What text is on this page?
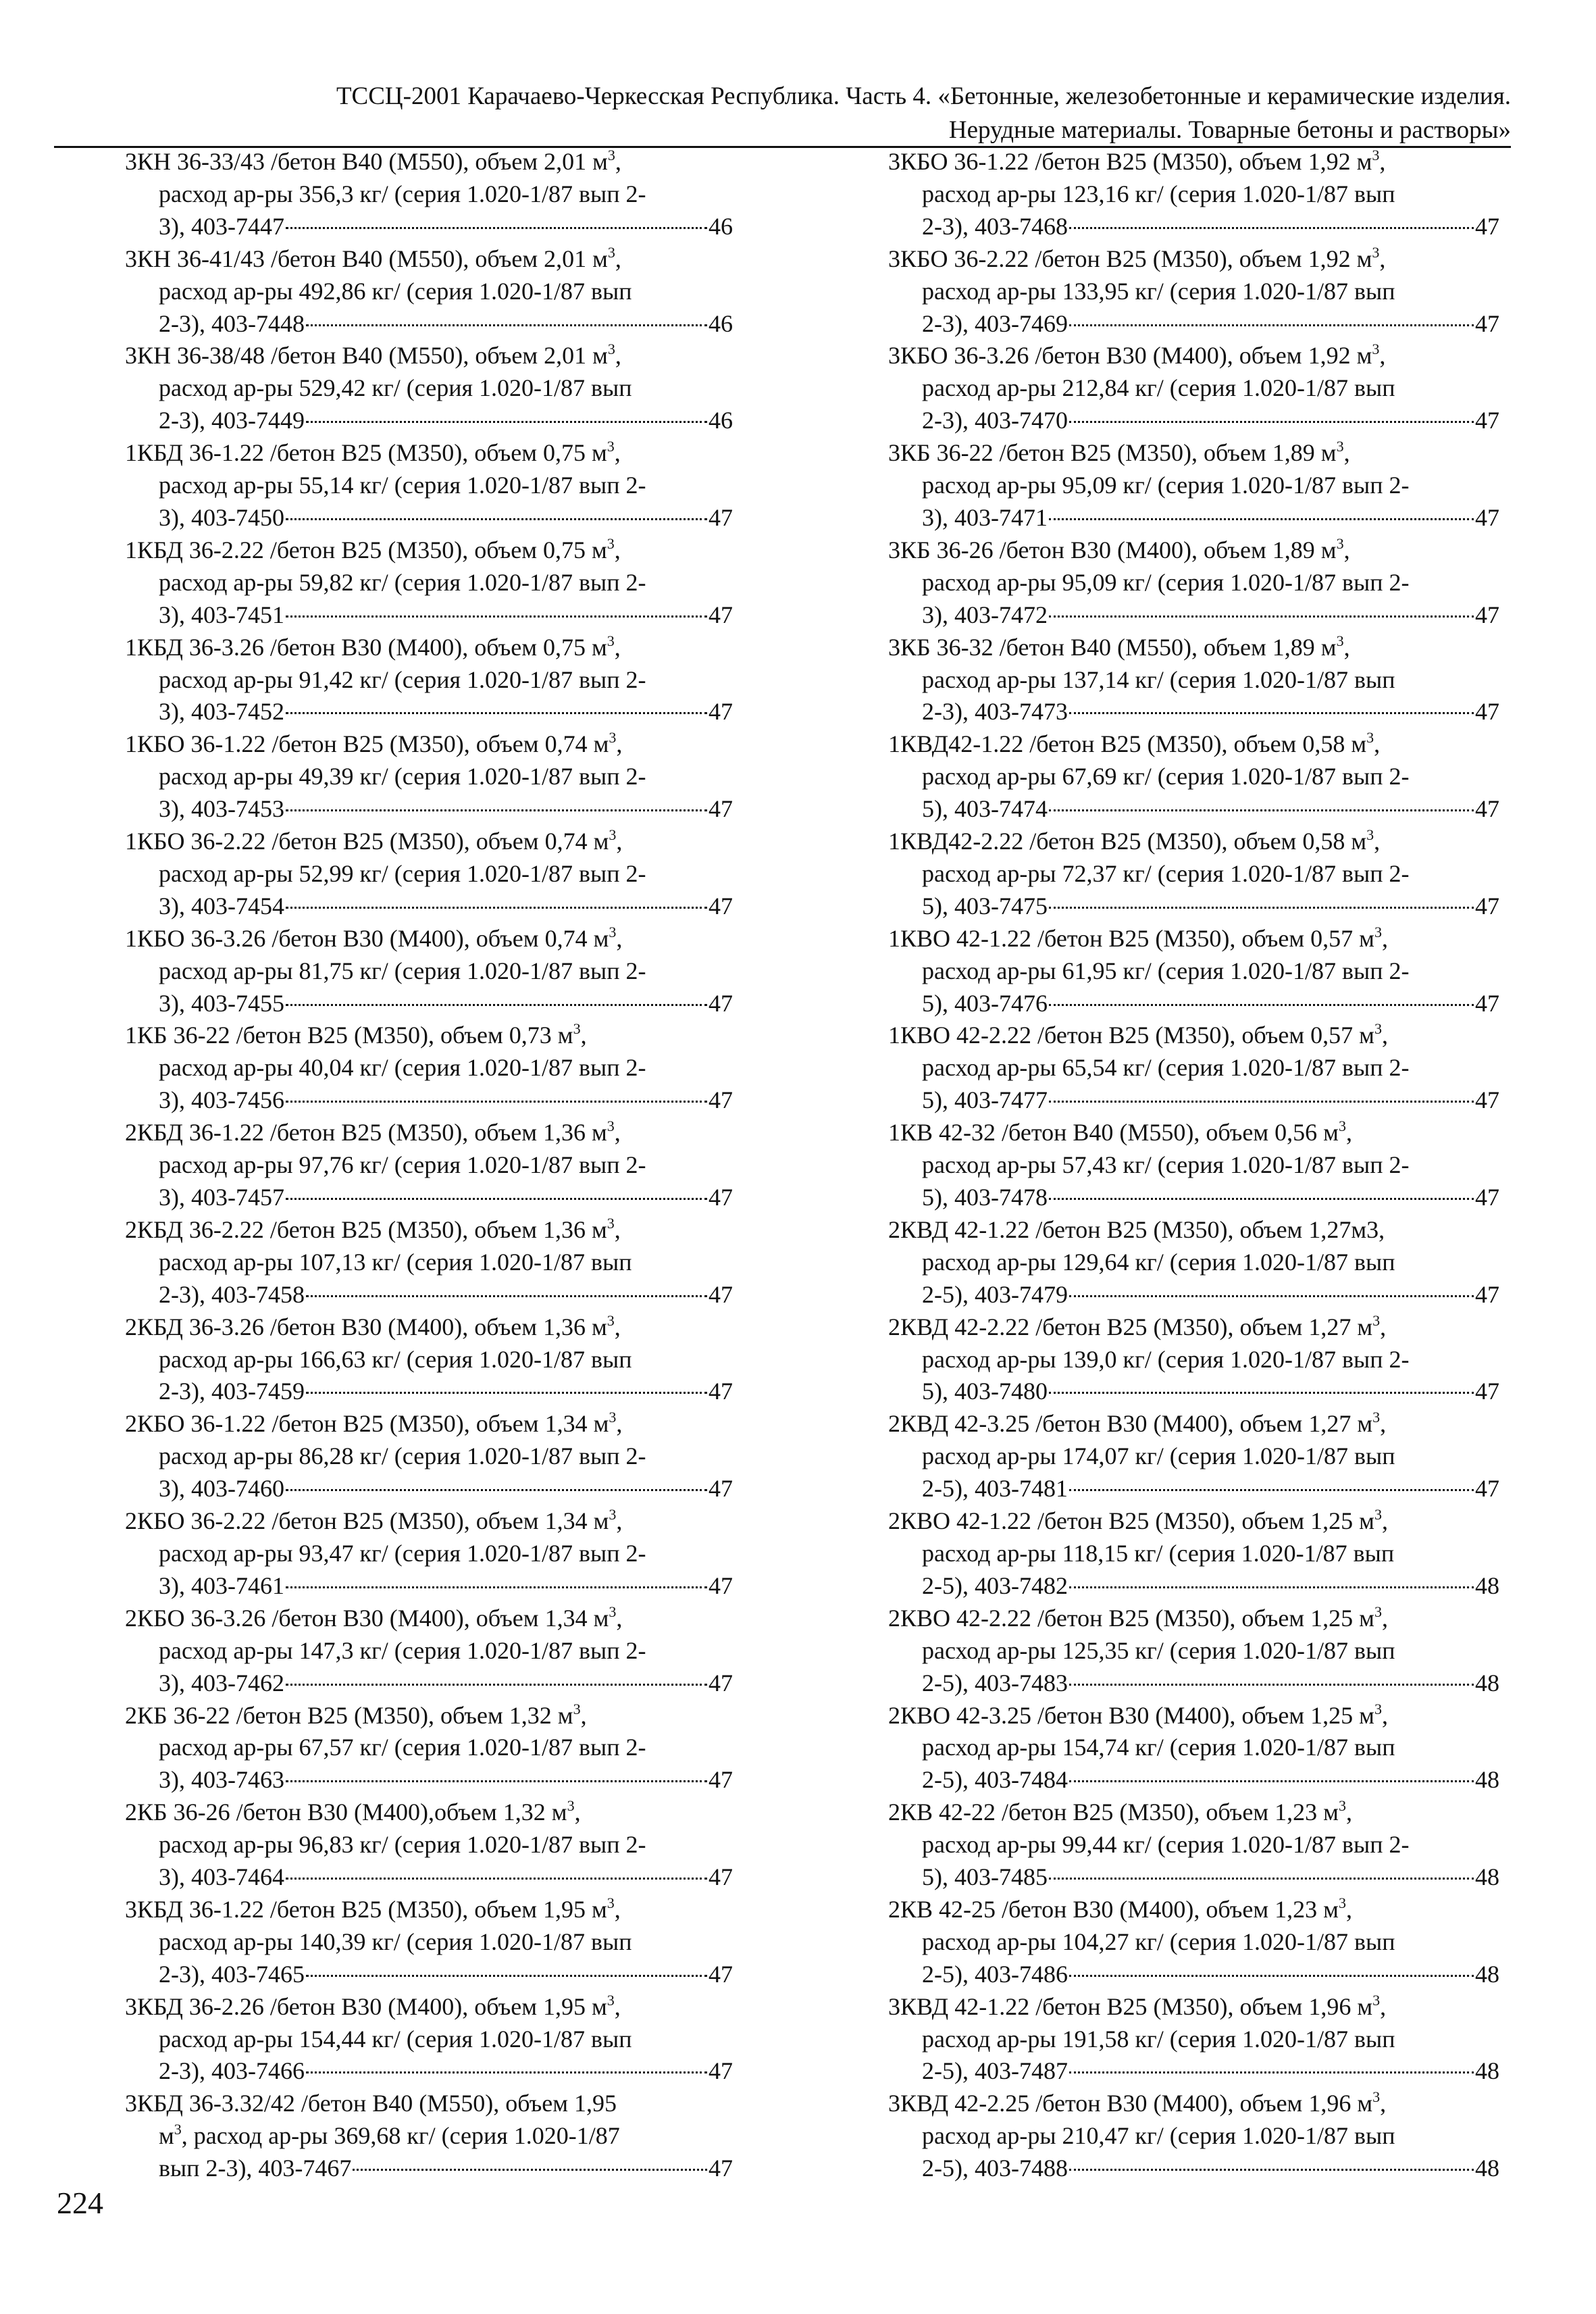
ТССЦ-2001 Карачаево-Черкесская Республика. Часть 4. «Бетонные, железобетонные и керамические изделия.
Нерудные материалы. Товарные бетоны и растворы»
3КН 36-33/43 /бетон В40 (М550), объем 2,01 $м^3$,
расход ар-ры 356,3 кг/ (серия 1.020-1/87 вып 2-
3), 403-7447	46
3КН 36-41/43 /бетон В40 (М550), объем 2,01 $м^3$,
расход ар-ры 492,86 кг/ (серия 1.020-1/87 вып
2-3), 403-7448	46
3КН 36-38/48 /бетон В40 (М550), объем 2,01 $м^3$,
расход ар-ры 529,42 кг/ (серия 1.020-1/87 вып
2-3), 403-7449	46
1КБД 36-1.22 /бетон В25 (М350), объем 0,75 $м^3$,
расход ар-ры 55,14 кг/ (серия 1.020-1/87 вып 2-
3), 403-7450	47
1КБД 36-2.22 /бетон В25 (М350), объем 0,75 $м^3$,
расход ар-ры 59,82 кг/ (серия 1.020-1/87 вып 2-
3), 403-7451	47
1КБД 36-3.26 /бетон В30 (М400), объем 0,75 $м^3$,
расход ар-ры 91,42 кг/ (серия 1.020-1/87 вып 2-
3), 403-7452	47
1КБО 36-1.22 /бетон В25 (М350), объем 0,74 $м^3$,
расход ар-ры 49,39 кг/ (серия 1.020-1/87 вып 2-
3), 403-7453	47
1КБО 36-2.22 /бетон В25 (М350), объем 0,74 $м^3$,
расход ар-ры 52,99 кг/ (серия 1.020-1/87 вып 2-
3), 403-7454	47
1КБО 36-3.26 /бетон В30 (М400), объем 0,74 $м^3$,
расход ар-ры 81,75 кг/ (серия 1.020-1/87 вып 2-
3), 403-7455	47
1КБ 36-22 /бетон В25 (М350), объем 0,73 $м^3$,
расход ар-ры 40,04 кг/ (серия 1.020-1/87 вып 2-
3), 403-7456	47
2КБД 36-1.22 /бетон В25 (М350), объем 1,36 $м^3$,
расход ар-ры 97,76 кг/ (серия 1.020-1/87 вып 2-
3), 403-7457	47
2КБД 36-2.22 /бетон В25 (М350), объем 1,36 $м^3$,
расход ар-ры 107,13 кг/ (серия 1.020-1/87 вып
2-3), 403-7458	47
2КБД 36-3.26 /бетон В30 (М400), объем 1,36 $м^3$,
расход ар-ры 166,63 кг/ (серия 1.020-1/87 вып
2-3), 403-7459	47
2КБО 36-1.22 /бетон В25 (М350), объем 1,34 $м^3$,
расход ар-ры 86,28 кг/ (серия 1.020-1/87 вып 2-
3), 403-7460	47
2КБО 36-2.22 /бетон В25 (М350), объем 1,34 $м^3$,
расход ар-ры 93,47 кг/ (серия 1.020-1/87 вып 2-
3), 403-7461	47
2КБО 36-3.26 /бетон В30 (М400), объем 1,34 $м^3$,
расход ар-ры 147,3 кг/ (серия 1.020-1/87 вып 2-
3), 403-7462	47
2КБ 36-22 /бетон В25 (М350), объем 1,32 $м^3$,
расход ар-ры 67,57 кг/ (серия 1.020-1/87 вып 2-
3), 403-7463	47
2КБ 36-26 /бетон В30 (М400),объем 1,32 $м^3$,
расход ар-ры 96,83 кг/ (серия 1.020-1/87 вып 2-
3), 403-7464	47
3КБД 36-1.22 /бетон В25 (М350), объем 1,95 $м^3$,
расход ар-ры 140,39 кг/ (серия 1.020-1/87 вып
2-3), 403-7465	47
3КБД 36-2.26 /бетон В30 (М400), объем 1,95 $м^3$,
расход ар-ры 154,44 кг/ (серия 1.020-1/87 вып
2-3), 403-7466	47
3КБД 36-3.32/42 /бетон В40 (М550), объем 1,95
$м^3$, расход ар-ры 369,68 кг/ (серия 1.020-1/87
вып 2-3), 403-7467	47
3КБО 36-1.22 /бетон В25 (М350), объем 1,92 $м^3$,
расход ар-ры 123,16 кг/ (серия 1.020-1/87 вып
2-3), 403-7468	47
3КБО 36-2.22 /бетон В25 (М350), объем 1,92 $м^3$,
расход ар-ры 133,95 кг/ (серия 1.020-1/87 вып
2-3), 403-7469	47
3КБО 36-3.26 /бетон В30 (М400), объем 1,92 $м^3$,
расход ар-ры 212,84 кг/ (серия 1.020-1/87 вып
2-3), 403-7470	47
3КБ 36-22 /бетон В25 (М350), объем 1,89 $м^3$,
расход ар-ры 95,09 кг/ (серия 1.020-1/87 вып 2-
3), 403-7471	47
3КБ 36-26 /бетон В30 (М400), объем 1,89 $м^3$,
расход ар-ры 95,09 кг/ (серия 1.020-1/87 вып 2-
3), 403-7472	47
3КБ 36-32 /бетон В40 (М550), объем 1,89 $м^3$,
расход ар-ры 137,14 кг/ (серия 1.020-1/87 вып
2-3), 403-7473	47
1КВД42-1.22 /бетон В25 (М350), объем 0,58 $м^3$,
расход ар-ры 67,69 кг/ (серия 1.020-1/87 вып 2-
5), 403-7474	47
1КВД42-2.22 /бетон В25 (М350), объем 0,58 $м^3$,
расход ар-ры 72,37 кг/ (серия 1.020-1/87 вып 2-
5), 403-7475	47
1КВО 42-1.22 /бетон В25 (М350), объем 0,57 $м^3$,
расход ар-ры 61,95 кг/ (серия 1.020-1/87 вып 2-
5), 403-7476	47
1КВО 42-2.22 /бетон В25 (М350), объем 0,57 $м^3$,
расход ар-ры 65,54 кг/ (серия 1.020-1/87 вып 2-
5), 403-7477	47
1КВ 42-32 /бетон В40 (М550), объем 0,56 $м^3$,
расход ар-ры 57,43 кг/ (серия 1.020-1/87 вып 2-
5), 403-7478	47
2КВД 42-1.22 /бетон В25 (М350), объем 1,27м3,
расход ар-ры 129,64 кг/ (серия 1.020-1/87 вып
2-5), 403-7479	47
2КВД 42-2.22 /бетон В25 (М350), объем 1,27 $м^3$,
расход ар-ры 139,0 кг/ (серия 1.020-1/87 вып 2-
5), 403-7480	47
2КВД 42-3.25 /бетон В30 (М400), объем 1,27 $м^3$,
расход ар-ры 174,07 кг/ (серия 1.020-1/87 вып
2-5), 403-7481	47
2КВО 42-1.22 /бетон В25 (М350), объем 1,25 $м^3$,
расход ар-ры 118,15 кг/ (серия 1.020-1/87 вып
2-5), 403-7482	48
2КВО 42-2.22 /бетон В25 (М350), объем 1,25 $м^3$,
расход ар-ры 125,35 кг/ (серия 1.020-1/87 вып
2-5), 403-7483	48
2КВО 42-3.25 /бетон В30 (М400), объем 1,25 $м^3$,
расход ар-ры 154,74 кг/ (серия 1.020-1/87 вып
2-5), 403-7484	48
2КВ 42-22 /бетон В25 (М350), объем 1,23 $м^3$,
расход ар-ры 99,44 кг/ (серия 1.020-1/87 вып 2-
5), 403-7485	48
2КВ 42-25 /бетон В30 (М400), объем 1,23 $м^3$,
расход ар-ры 104,27 кг/ (серия 1.020-1/87 вып
2-5), 403-7486	48
3КВД 42-1.22 /бетон В25 (М350), объем 1,96 $м^3$,
расход ар-ры 191,58 кг/ (серия 1.020-1/87 вып
2-5), 403-7487	48
3КВД 42-2.25 /бетон В30 (М400), объем 1,96 $м^3$,
расход ар-ры 210,47 кг/ (серия 1.020-1/87 вып
2-5), 403-7488	48
224
